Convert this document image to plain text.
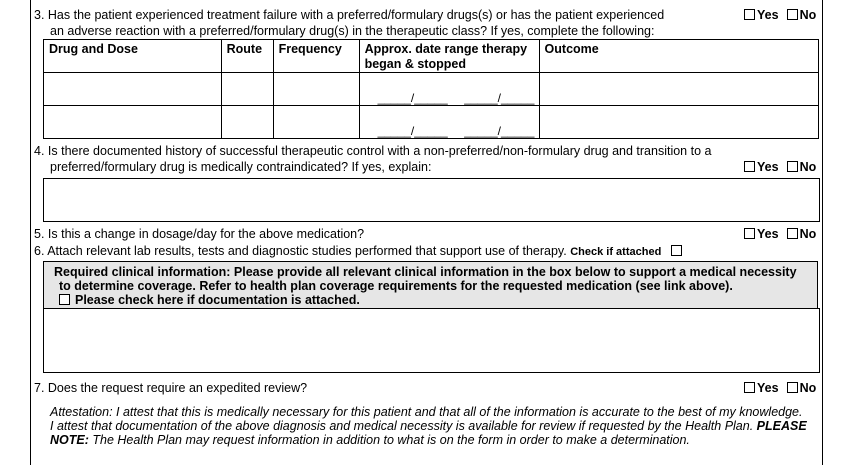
3. Has the patient experienced treatment failure with a preferred/formulary drugs(s) or has the patient experienced
an adverse reaction with a preferred/formulary drug(s) in the therapeutic class? If yes, complete the following:
Yes No
Drug and Dose	Route	Frequency	Approx. date range therapy began & stopped	Outcome

			_____/_____     _____/_____	

			_____/_____     _____/_____	

4. Is there documented history of successful therapeutic control with a non-preferred/non-formulary drug and transition to a
preferred/formulary drug is medically contraindicated? If yes, explain:	Yes No
5. Is this a change in dosage/day for the above medication?	Yes No
6. Attach relevant lab results, tests and diagnostic studies performed that support use of therapy. Check if attached
Required clinical information: Please provide all relevant clinical information in the box below to support a medical necessity
to determine coverage. Refer to health plan coverage requirements for the requested medication (see link above).
Please check here if documentation is attached.
7. Does the request require an expedited review?	Yes No
Attestation: I attest that this is medically necessary for this patient and that all of the information is accurate to the best of my knowledge.
I attest that documentation of the above diagnosis and medical necessity is available for review if requested by the Health Plan. PLEASE
NOTE: The Health Plan may request information in addition to what is on the form in order to make a determination.
